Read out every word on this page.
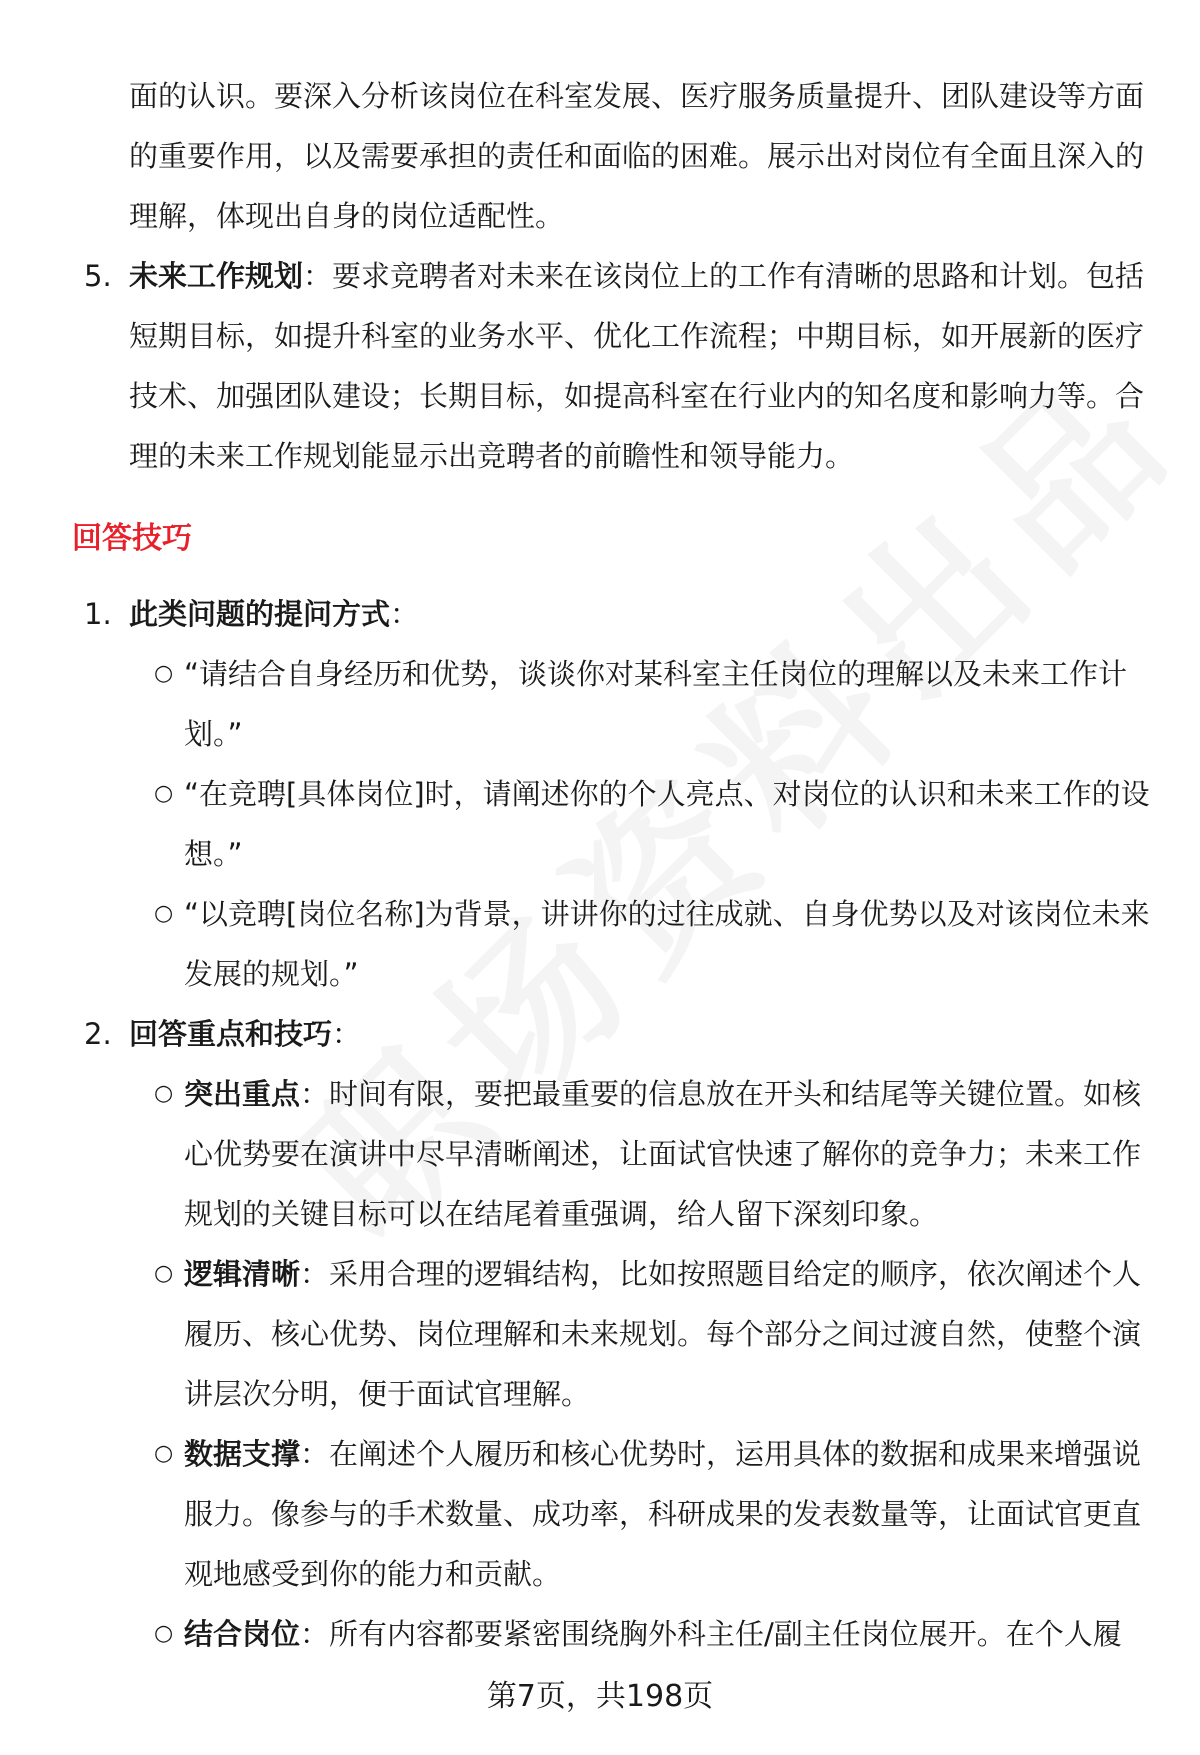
面的认识。要深入分析该岗位在科室发展、医疗服务质量提升、团队建设等方面的重要作用，以及需要承担的责任和面临的困难。展示出对岗位有全面且深入的理解，体现出自身的岗位适配性。

5. 未来工作规划：要求竞聘者对未来在该岗位上的工作有清晰的思路和计划。包括短期目标，如提升科室的业务水平、优化工作流程；中期目标，如开展新的医疗技术、加强团队建设；长期目标，如提高科室在行业内的知名度和影响力等。合理的未来工作规划能显示出竞聘者的前瞻性和领导能力。
回答技巧
1. 此类问题的提问方式：
○ “请结合自身经历和优势，谈谈你对某科室主任岗位的理解以及未来工作计划。”
○ “在竞聘[具体岗位]时，请阐述你的个人亮点、对岗位的认识和未来工作的设想。”
○ “以竞聘[岗位名称]为背景，讲讲你的过往成就、自身优势以及对该岗位未来发展的规划。”
2. 回答重点和技巧：
○ 突出重点：时间有限，要把最重要的信息放在开头和结尾等关键位置。如核心优势要在演讲中尽早清晰阐述，让面试官快速了解你的竞争力；未来工作规划的关键目标可以在结尾着重强调，给人留下深刻印象。
○ 逻辑清晰：采用合理的逻辑结构，比如按照题目给定的顺序，依次阐述个人履历、核心优势、岗位理解和未来规划。每个部分之间过渡自然，使整个演讲层次分明，便于面试官理解。
○ 数据支撑：在阐述个人履历和核心优势时，运用具体的数据和成果来增强说服力。像参与的手术数量、成功率，科研成果的发表数量等，让面试官更直观地感受到你的能力和贡献。
○ 结合岗位：所有内容都要紧密围绕胸外科主任/副主任岗位展开。在个人履
第7页，共198页
